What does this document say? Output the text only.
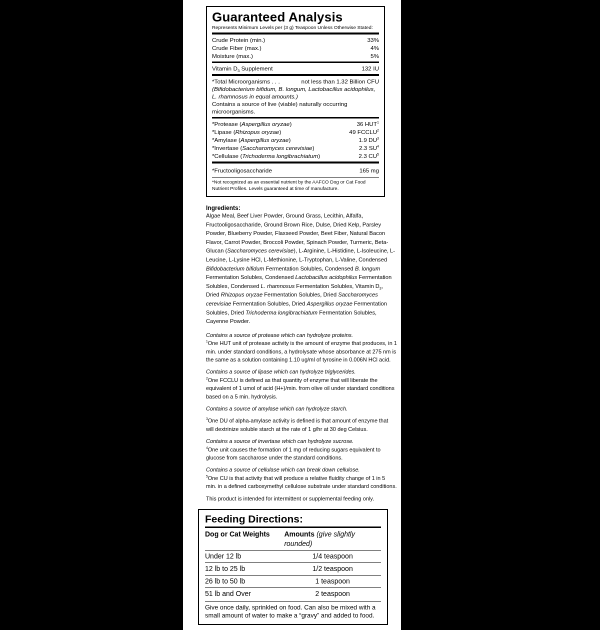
Guaranteed Analysis
Represents Minimum Levels per (3 g) Teaspoon Unless Otherwise Stated:
Crude Protein (min.)	33%
Crude Fiber (max.)	4%
Moisture (max.)	5%
Vitamin $D_3$ Supplement	132 IU
*Total Microorganisms . . .	not less than 1.32 Billion CFU
(Bifidobacterium bifidum, B. longum, Lactobacillus acidophilus, L. rhamnosus in equal amounts.)
Contains a source of live (viable) naturally occurring microorganisms.
*Protease (Aspergillus oryzae)	36 HUT$^1$
*Lipase (Rhizopus oryzae)	49 FCCLU$^2$
*Amylase (Aspergillus oryzae)	1.9 $DU^3$
*Invertase (Saccharomyces cerevisiae)	2.3 $SU^4$
*Cellulase (Trichoderma longibrachiatum)	2.3 $CU^5$
*Fructooligosaccharide	165 mg
*Not recognized as an essential nutrient by the AAFCO Dog or Cat Food Nutrient Profiles. Levels guaranteed at time of manufacture.
Ingredients:
Algae Meal, Beef Liver Powder, Ground Grass, Lecithin, Alfalfa, Fructooligosaccharide, Ground Brown Rice, Dulse, Dried Kelp, Parsley Powder, Blueberry Powder, Flaxseed Powder, Beet Fiber, Natural Bacon Flavor, Carrot Powder, Broccoli Powder, Spinach Powder, Turmeric, Beta-Glucan (Saccharomyces cerevisiae), L-Arginine, L-Histidine, L-Isoleucine, L-Leucine, L-Lysine HCl, L-Methionine, L-Tryptophan, L-Valine, Condensed Bifidobacterium bifidum Fermentation Solubles, Condensed B. longum Fermentation Solubles, Condensed Lactobacillus acidophilus Fermentation Solubles, Condensed L. rhamnosus Fermentation Solubles, Vitamin $D_3$, Dried Rhizopus oryzae Fermentation Solubles, Dried Saccharomyces cerevisiae Fermentation Solubles, Dried Aspergillus oryzae Fermentation Solubles, Dried Trichoderma longibrachiatum Fermentation Solubles, Cayenne Powder.

Contains a source of protease which can hydrolyze proteins.
$^1$One HUT unit of protease activity is the amount of enzyme that produces, in 1 min. under standard conditions, a hydrolysate whose absorbance at 275 nm is the same as a solution containing 1.10 ug/ml of tyrosine in 0.006N HCl acid.

Contains a source of lipase which can hydrolyze triglycerides.
$^2$One FCCLU is defined as that quantity of enzyme that will liberate the equivalent of 1 umol of acid (H+)/min. from olive oil under standard conditions based on a 5 min. hydrolysis.

Contains a source of amylase which can hydrolyze starch.

$^3$One DU of alpha-amylase activity is defined is that amount of enzyme that will dextrinize soluble starch at the rate of 1 g/hr at 30 deg Celsius.

Contains a source of invertase which can hydrolyze sucrose.
$^4$One unit causes the formation of 1 mg of reducing sugars equivalent to glucose from saccharose under the standard conditions.

Contains a source of cellulase which can break down cellulose.
$^5$One CU is that activity that will produce a relative fluidity change of 1 in 5 min. in a defined carboxymethyl cellulose substrate under standard conditions.

This product is intended for intermittent or supplemental feeding only.

Feeding Directions:
Dog or Cat Weights	Amounts (give slightly rounded)
Under 12 lb	1/4 teaspoon
12 lb to 25 lb	1/2 teaspoon
26 lb to 50 lb	1 teaspoon
51 lb and Over	2 teaspoon
Give once daily, sprinkled on food. Can also be mixed with a small amount of water to make a “gravy” and added to food.
